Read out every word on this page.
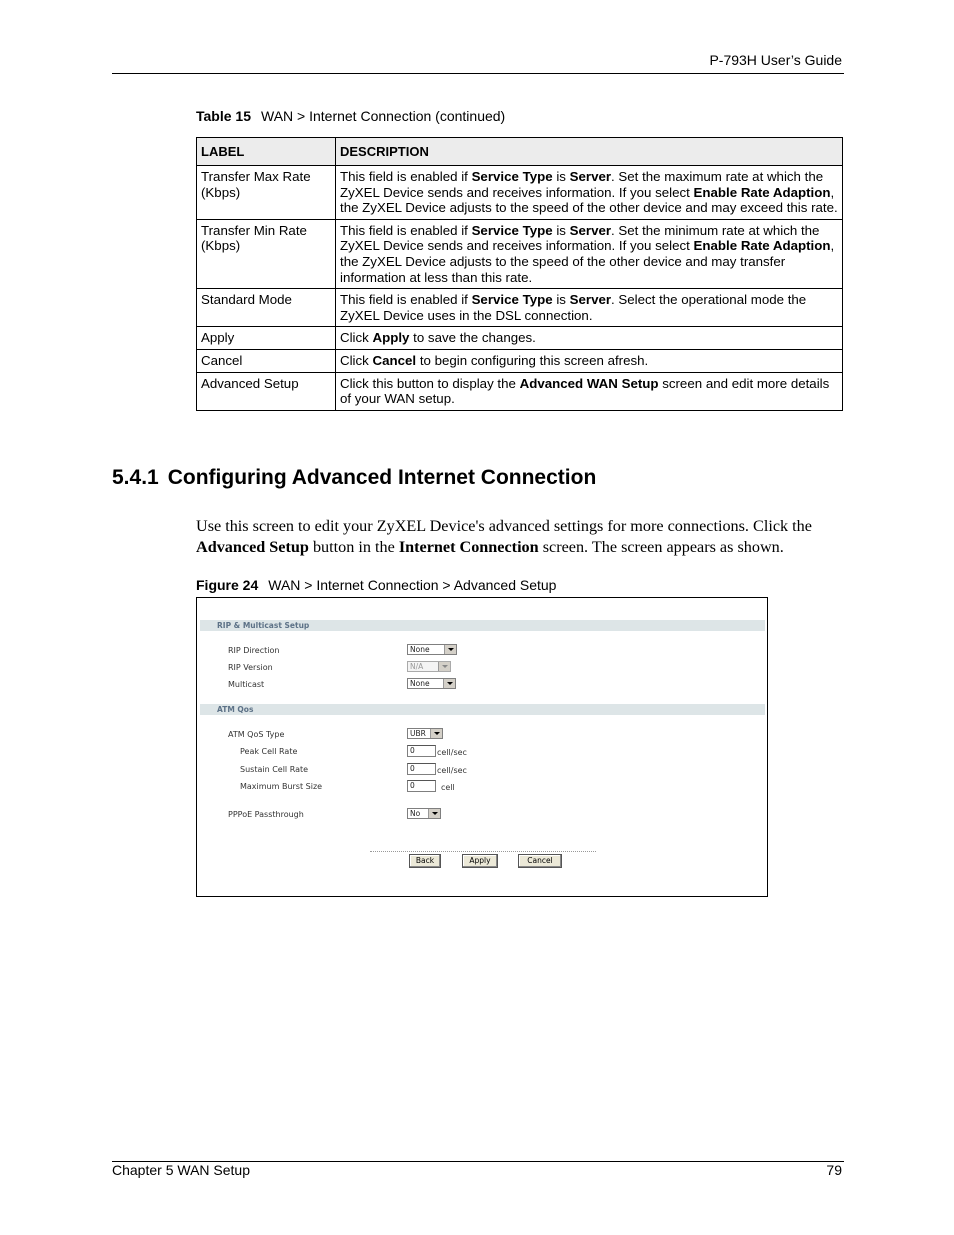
P-793H User’s Guide
Table 15 WAN > Internet Connection (continued)
LABEL	DESCRIPTION
Transfer Max Rate (Kbps)	This field is enabled if Service Type is Server. Set the maximum rate at which the ZyXEL Device sends and receives information. If you select Enable Rate Adaption, the ZyXEL Device adjusts to the speed of the other device and may exceed this rate.
Transfer Min Rate (Kbps)	This field is enabled if Service Type is Server. Set the minimum rate at which the ZyXEL Device sends and receives information. If you select Enable Rate Adaption, the ZyXEL Device adjusts to the speed of the other device and may transfer information at less than this rate.
Standard Mode	This field is enabled if Service Type is Server. Select the operational mode the ZyXEL Device uses in the DSL connection.
Apply	Click Apply to save the changes.
Cancel	Click Cancel to begin configuring this screen afresh.
Advanced Setup	Click this button to display the Advanced WAN Setup screen and edit more details of your WAN setup.
5.4.1 Configuring Advanced Internet Connection
Use this screen to edit your ZyXEL Device's advanced settings for more connections. Click the Advanced Setup button in the Internet Connection screen. The screen appears as shown.
Figure 24 WAN > Internet Connection > Advanced Setup
RIP & Multicast Setup
RIP Direction	None
RIP Version	N/A
Multicast	None
ATM Qos
ATM QoS Type	UBR
Peak Cell Rate	0	cell/sec
Sustain Cell Rate	0	cell/sec
Maximum Burst Size	0	cell
PPPoE Passthrough	No
Back	Apply	Cancel
Chapter 5 WAN Setup	79
